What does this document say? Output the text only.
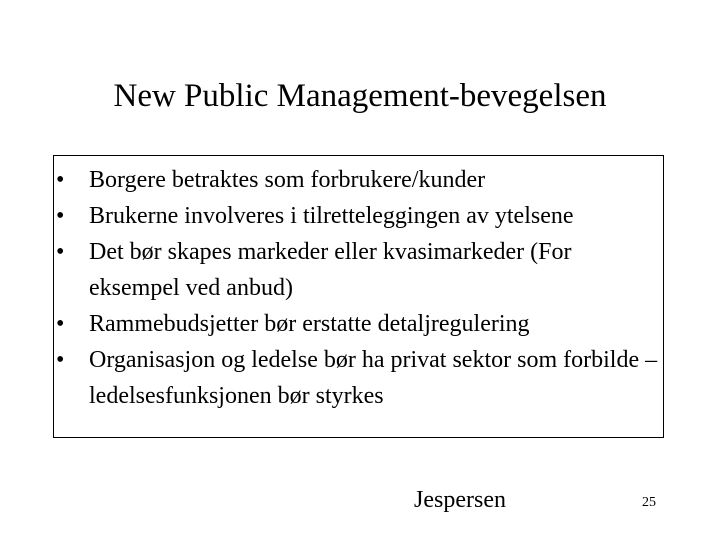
New Public Management-bevegelsen
• Borgere betraktes som forbrukere/kunder
• Brukerne involveres i tilretteleggingen av ytelsene
• Det bør skapes markeder eller kvasimarkeder (For eksempel ved anbud)
• Rammebudsjetter bør erstatte detaljregulering
• Organisasjon og ledelse bør ha privat sektor som forbilde – ledelsesfunksjonen bør styrkes
Jespersen	25
